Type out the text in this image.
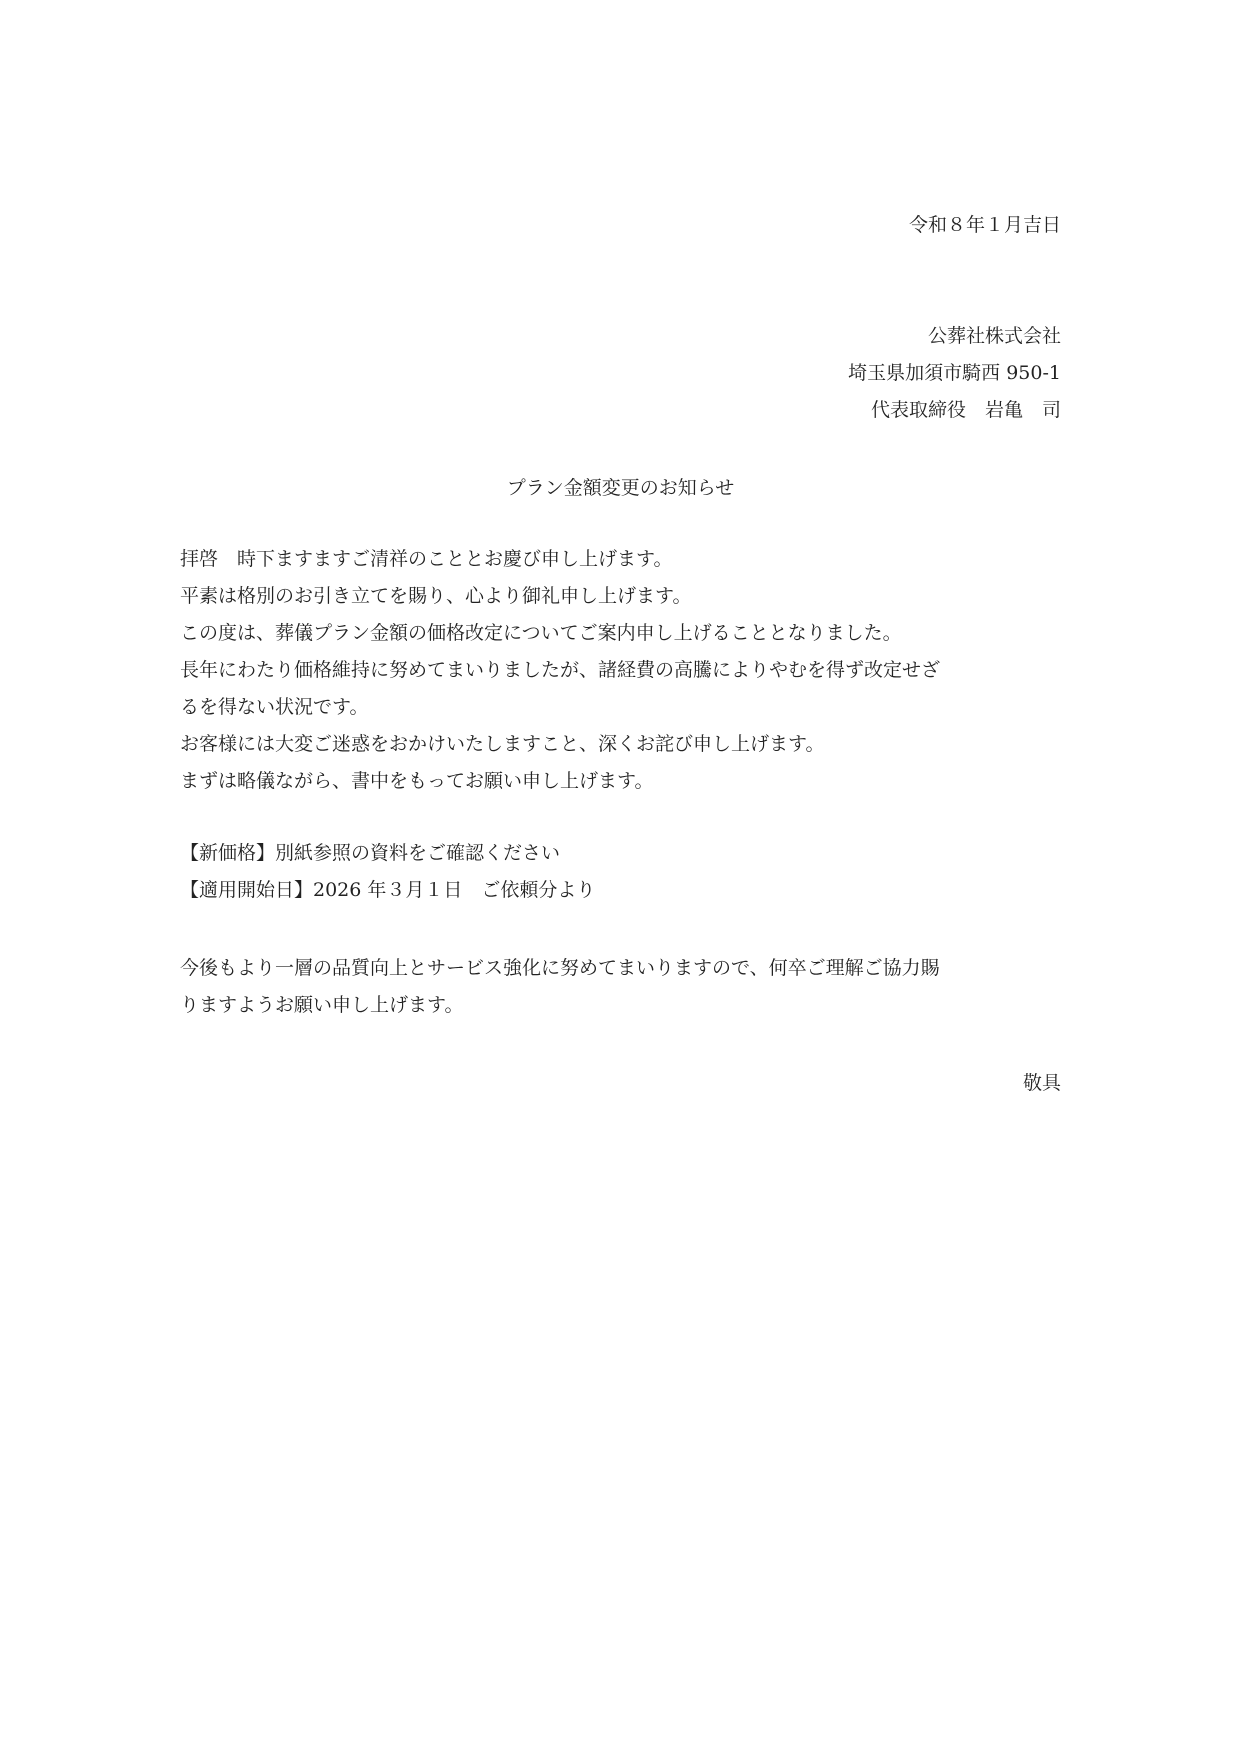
令和８年１月吉日
公葬社株式会社
埼玉県加須市騎西 950-1
代表取締役　岩亀　司
プラン金額変更のお知らせ

拝啓　時下ますますご清祥のこととお慶び申し上げます。

平素は格別のお引き立てを賜り、心より御礼申し上げます。

この度は、葬儀プラン金額の価格改定についてご案内申し上げることとなりました。

長年にわたり価格維持に努めてまいりましたが、諸経費の高騰によりやむを得ず改定せざ

るを得ない状況です。

お客様には大変ご迷惑をおかけいたしますこと、深くお詫び申し上げます。

まずは略儀ながら、書中をもってお願い申し上げます。

【新価格】別紙参照の資料をご確認ください

【適用開始日】2026 年３月１日　ご依頼分より

今後もより一層の品質向上とサービス強化に努めてまいりますので、何卒ご理解ご協力賜

りますようお願い申し上げます。

敬具
